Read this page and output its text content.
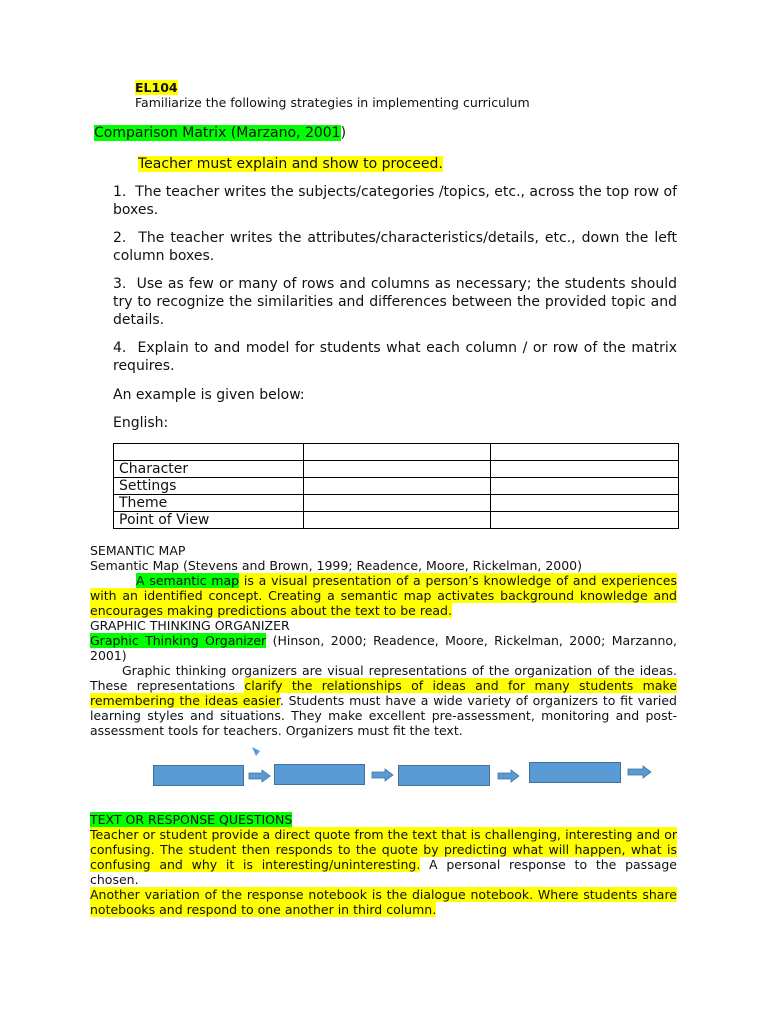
EL104
Familiarize the following strategies in implementing curriculum
Comparison Matrix (Marzano, 2001)
Teacher must explain and show to proceed.
1. The teacher writes the subjects/categories /topics, etc., across the top row of boxes.
2. The teacher writes the attributes/characteristics/details, etc., down the left column boxes.
3. Use as few or many of rows and columns as necessary; the students should try to recognize the similarities and differences between the provided topic and details.
4. Explain to and model for students what each column / or row of the matrix requires.
An example is given below:
English:

Character		
Settings		
Theme		
Point of View		
SEMANTIC MAP
Semantic Map (Stevens and Brown, 1999; Readence, Moore, Rickelman, 2000)
A semantic map is a visual presentation of a person’s knowledge of and experiences with an identified concept. Creating a semantic map activates background knowledge and encourages making predictions about the text to be read.
GRAPHIC THINKING ORGANIZER
Graphic Thinking Organizer (Hinson, 2000; Readence, Moore, Rickelman, 2000; Marzanno, 2001)
Graphic thinking organizers are visual representations of the organization of the ideas. These representations clarify the relationships of ideas and for many students make remembering the ideas easier. Students must have a wide variety of organizers to fit varied learning styles and situations. They make excellent pre-assessment, monitoring and post-assessment tools for teachers. Organizers must fit the text.
TEXT OR RESPONSE QUESTIONS
Teacher or student provide a direct quote from the text that is challenging, interesting and or confusing. The student then responds to the quote by predicting what will happen, what is confusing and why it is interesting/uninteresting. A personal response to the passage chosen.
Another variation of the response notebook is the dialogue notebook. Where students share notebooks and respond to one another in third column.
